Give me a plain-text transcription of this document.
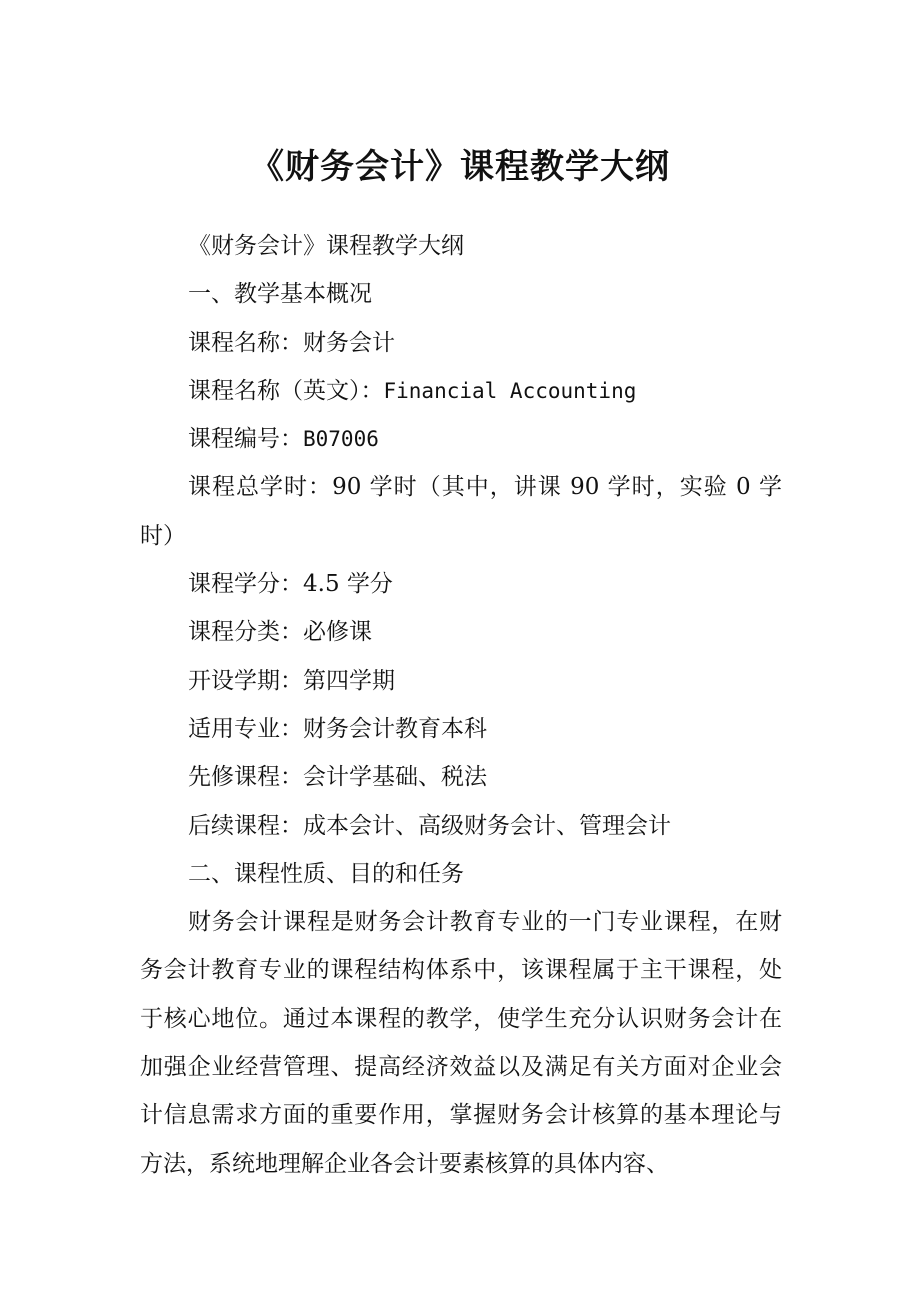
《财务会计》课程教学大纲
《财务会计》课程教学大纲
一、教学基本概况
课程名称：财务会计
课程名称（英文）：Financial Accounting
课程编号：B07006

课程总学时：90 学时（其中，讲课 90 学时，实验 0 学时）

课程学分：4.5 学分
课程分类：必修课
开设学期：第四学期
适用专业：财务会计教育本科
先修课程：会计学基础、税法
后续课程：成本会计、高级财务会计、管理会计
二、课程性质、目的和任务

财务会计课程是财务会计教育专业的一门专业课程，在财务会计教育专业的课程结构体系中，该课程属于主干课程，处于核心地位。通过本课程的教学，使学生充分认识财务会计在加强企业经营管理、提高经济效益以及满足有关方面对企业会计信息需求方面的重要作用，掌握财务会计核算的基本理论与方法，系统地理解企业各会计要素核算的具体内容、
